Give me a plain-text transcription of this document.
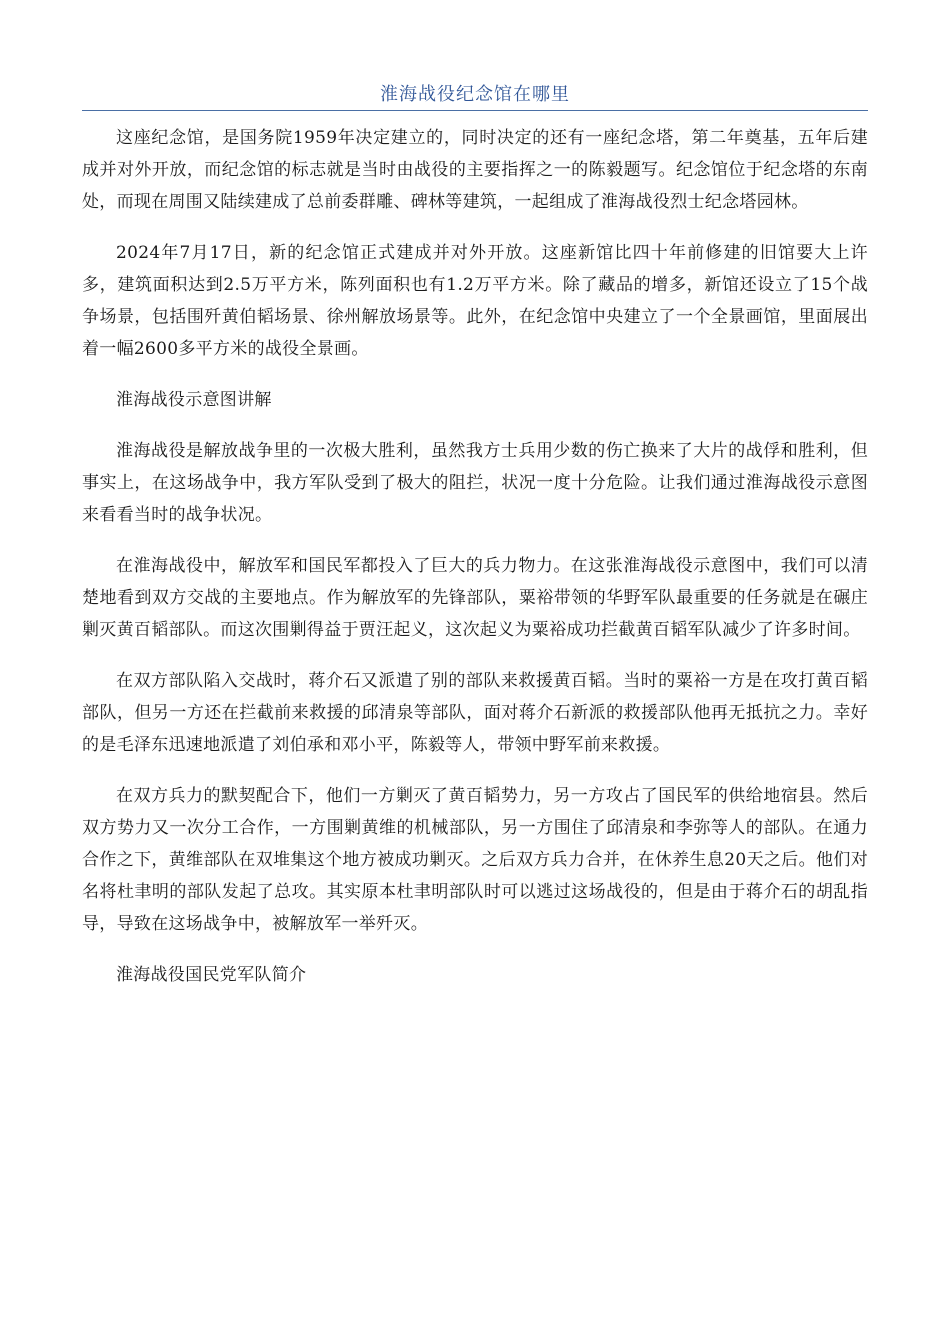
淮海战役纪念馆在哪里

这座纪念馆，是国务院1959年决定建立的，同时决定的还有一座纪念塔，第二年奠基，五年后建成并对外开放，而纪念馆的标志就是当时由战役的主要指挥之一的陈毅题写。纪念馆位于纪念塔的东南处，而现在周围又陆续建成了总前委群雕、碑林等建筑，一起组成了淮海战役烈士纪念塔园林。

2024年7月17日，新的纪念馆正式建成并对外开放。这座新馆比四十年前修建的旧馆要大上许多，建筑面积达到2.5万平方米，陈列面积也有1.2万平方米。除了藏品的增多，新馆还设立了15个战争场景，包括围歼黄伯韬场景、徐州解放场景等。此外，在纪念馆中央建立了一个全景画馆，里面展出着一幅2600多平方米的战役全景画。

淮海战役示意图讲解

淮海战役是解放战争里的一次极大胜利，虽然我方士兵用少数的伤亡换来了大片的战俘和胜利，但事实上，在这场战争中，我方军队受到了极大的阻拦，状况一度十分危险。让我们通过淮海战役示意图来看看当时的战争状况。

在淮海战役中，解放军和国民军都投入了巨大的兵力物力。在这张淮海战役示意图中，我们可以清楚地看到双方交战的主要地点。作为解放军的先锋部队，粟裕带领的华野军队最重要的任务就是在碾庄剿灭黄百韬部队。而这次围剿得益于贾汪起义，这次起义为粟裕成功拦截黄百韬军队减少了许多时间。

在双方部队陷入交战时，蒋介石又派遣了别的部队来救援黄百韬。当时的粟裕一方是在攻打黄百韬部队，但另一方还在拦截前来救援的邱清泉等部队，面对蒋介石新派的救援部队他再无抵抗之力。幸好的是毛泽东迅速地派遣了刘伯承和邓小平，陈毅等人，带领中野军前来救援。

在双方兵力的默契配合下，他们一方剿灭了黄百韬势力，另一方攻占了国民军的供给地宿县。然后双方势力又一次分工合作，一方围剿黄维的机械部队，另一方围住了邱清泉和李弥等人的部队。在通力合作之下，黄维部队在双堆集这个地方被成功剿灭。之后双方兵力合并，在休养生息20天之后。他们对名将杜聿明的部队发起了总攻。其实原本杜聿明部队时可以逃过这场战役的，但是由于蒋介石的胡乱指导，导致在这场战争中，被解放军一举歼灭。

淮海战役国民党军队简介
